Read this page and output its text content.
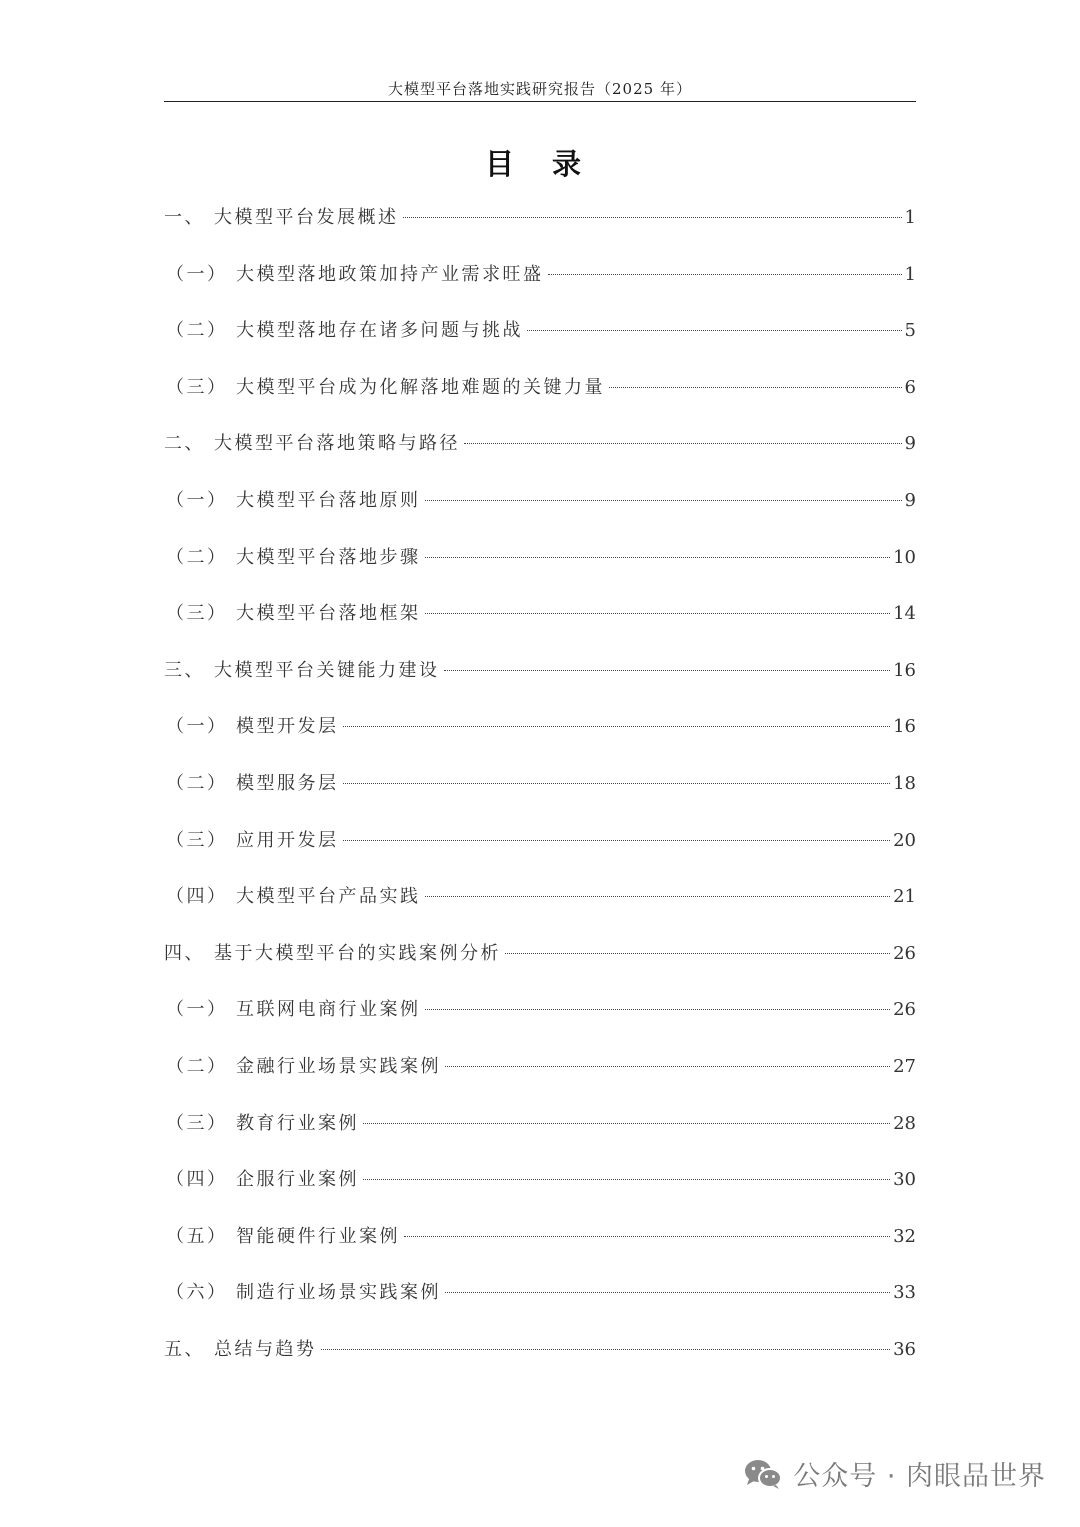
大模型平台落地实践研究报告（2025 年）
目 录
一、 大模型平台发展概述	1
（一） 大模型落地政策加持产业需求旺盛	1
（二） 大模型落地存在诸多问题与挑战	5
（三） 大模型平台成为化解落地难题的关键力量	6
二、 大模型平台落地策略与路径	9
（一） 大模型平台落地原则	9
（二） 大模型平台落地步骤	10
（三） 大模型平台落地框架	14
三、 大模型平台关键能力建设	16
（一） 模型开发层	16
（二） 模型服务层	18
（三） 应用开发层	20
（四） 大模型平台产品实践	21
四、 基于大模型平台的实践案例分析	26
（一） 互联网电商行业案例	26
（二） 金融行业场景实践案例	27
（三） 教育行业案例	28
（四） 企服行业案例	30
（五） 智能硬件行业案例	32
（六） 制造行业场景实践案例	33
五、 总结与趋势	36
公众号 · 肉眼品世界
